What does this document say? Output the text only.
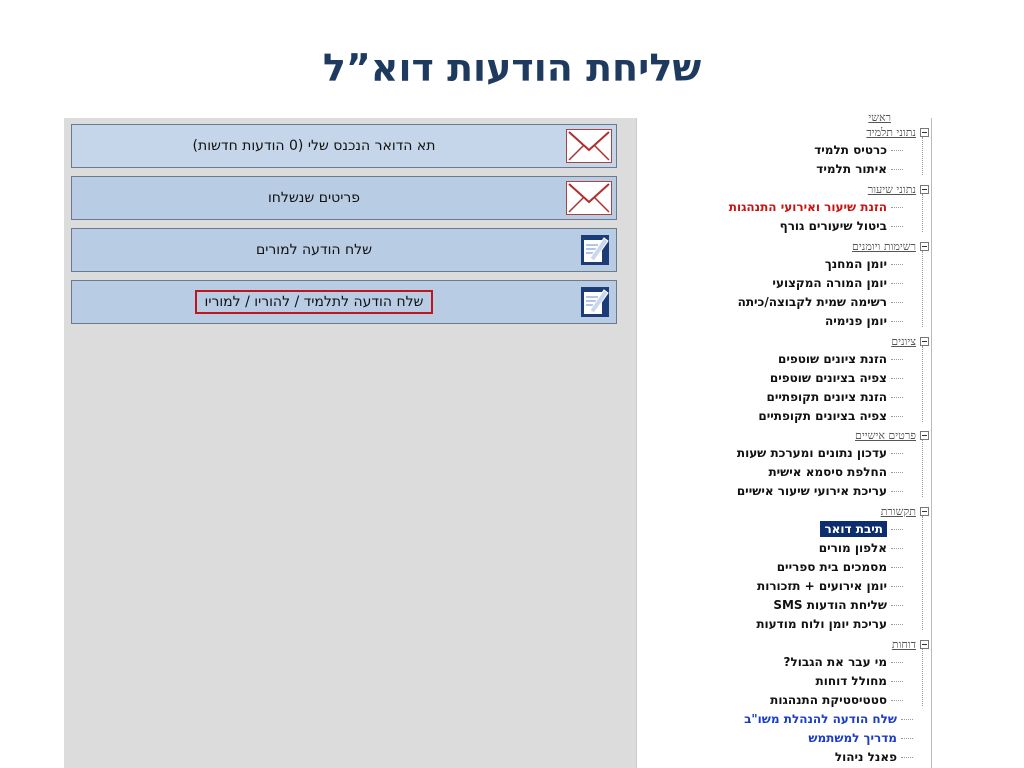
שליחת הודעות דוא”ל
תא הדואר הנכנס שלי (0 הודעות חדשות)
פריטים שנשלחו
שלח הודעה למורים
שלח הודעה לתלמיד / להוריו / למוריו
ראשי
נתוני תלמיד
כרטיס תלמיד
איתור תלמיד
נתוני שיעור
הזנת שיעור ואירועי התנהגות
ביטול שיעורים גורף
רשימות ויומנים
יומן המחנך
יומן המורה המקצועי
רשימה שמית לקבוצה/כיתה
יומן פנימיה
ציונים
הזנת ציונים שוטפים
צפיה בציונים שוטפים
הזנת ציונים תקופתיים
צפיה בציונים תקופתיים
פרטים אישיים
עדכון נתונים ומערכת שעות
החלפת סיסמא אישית
עריכת אירועי שיעור אישיים
תקשורת
תיבת דואר
אלפון מורים
מסמכים בית ספריים
יומן אירועים + תזכורות
שליחת הודעות SMS
עריכת יומן ולוח מודעות
דוחות
מי עבר את הגבול?
מחולל דוחות
סטטיסטיקת התנהגות
שלח הודעה להנהלת משו"ב
מדריך למשתמש
פאנל ניהול
